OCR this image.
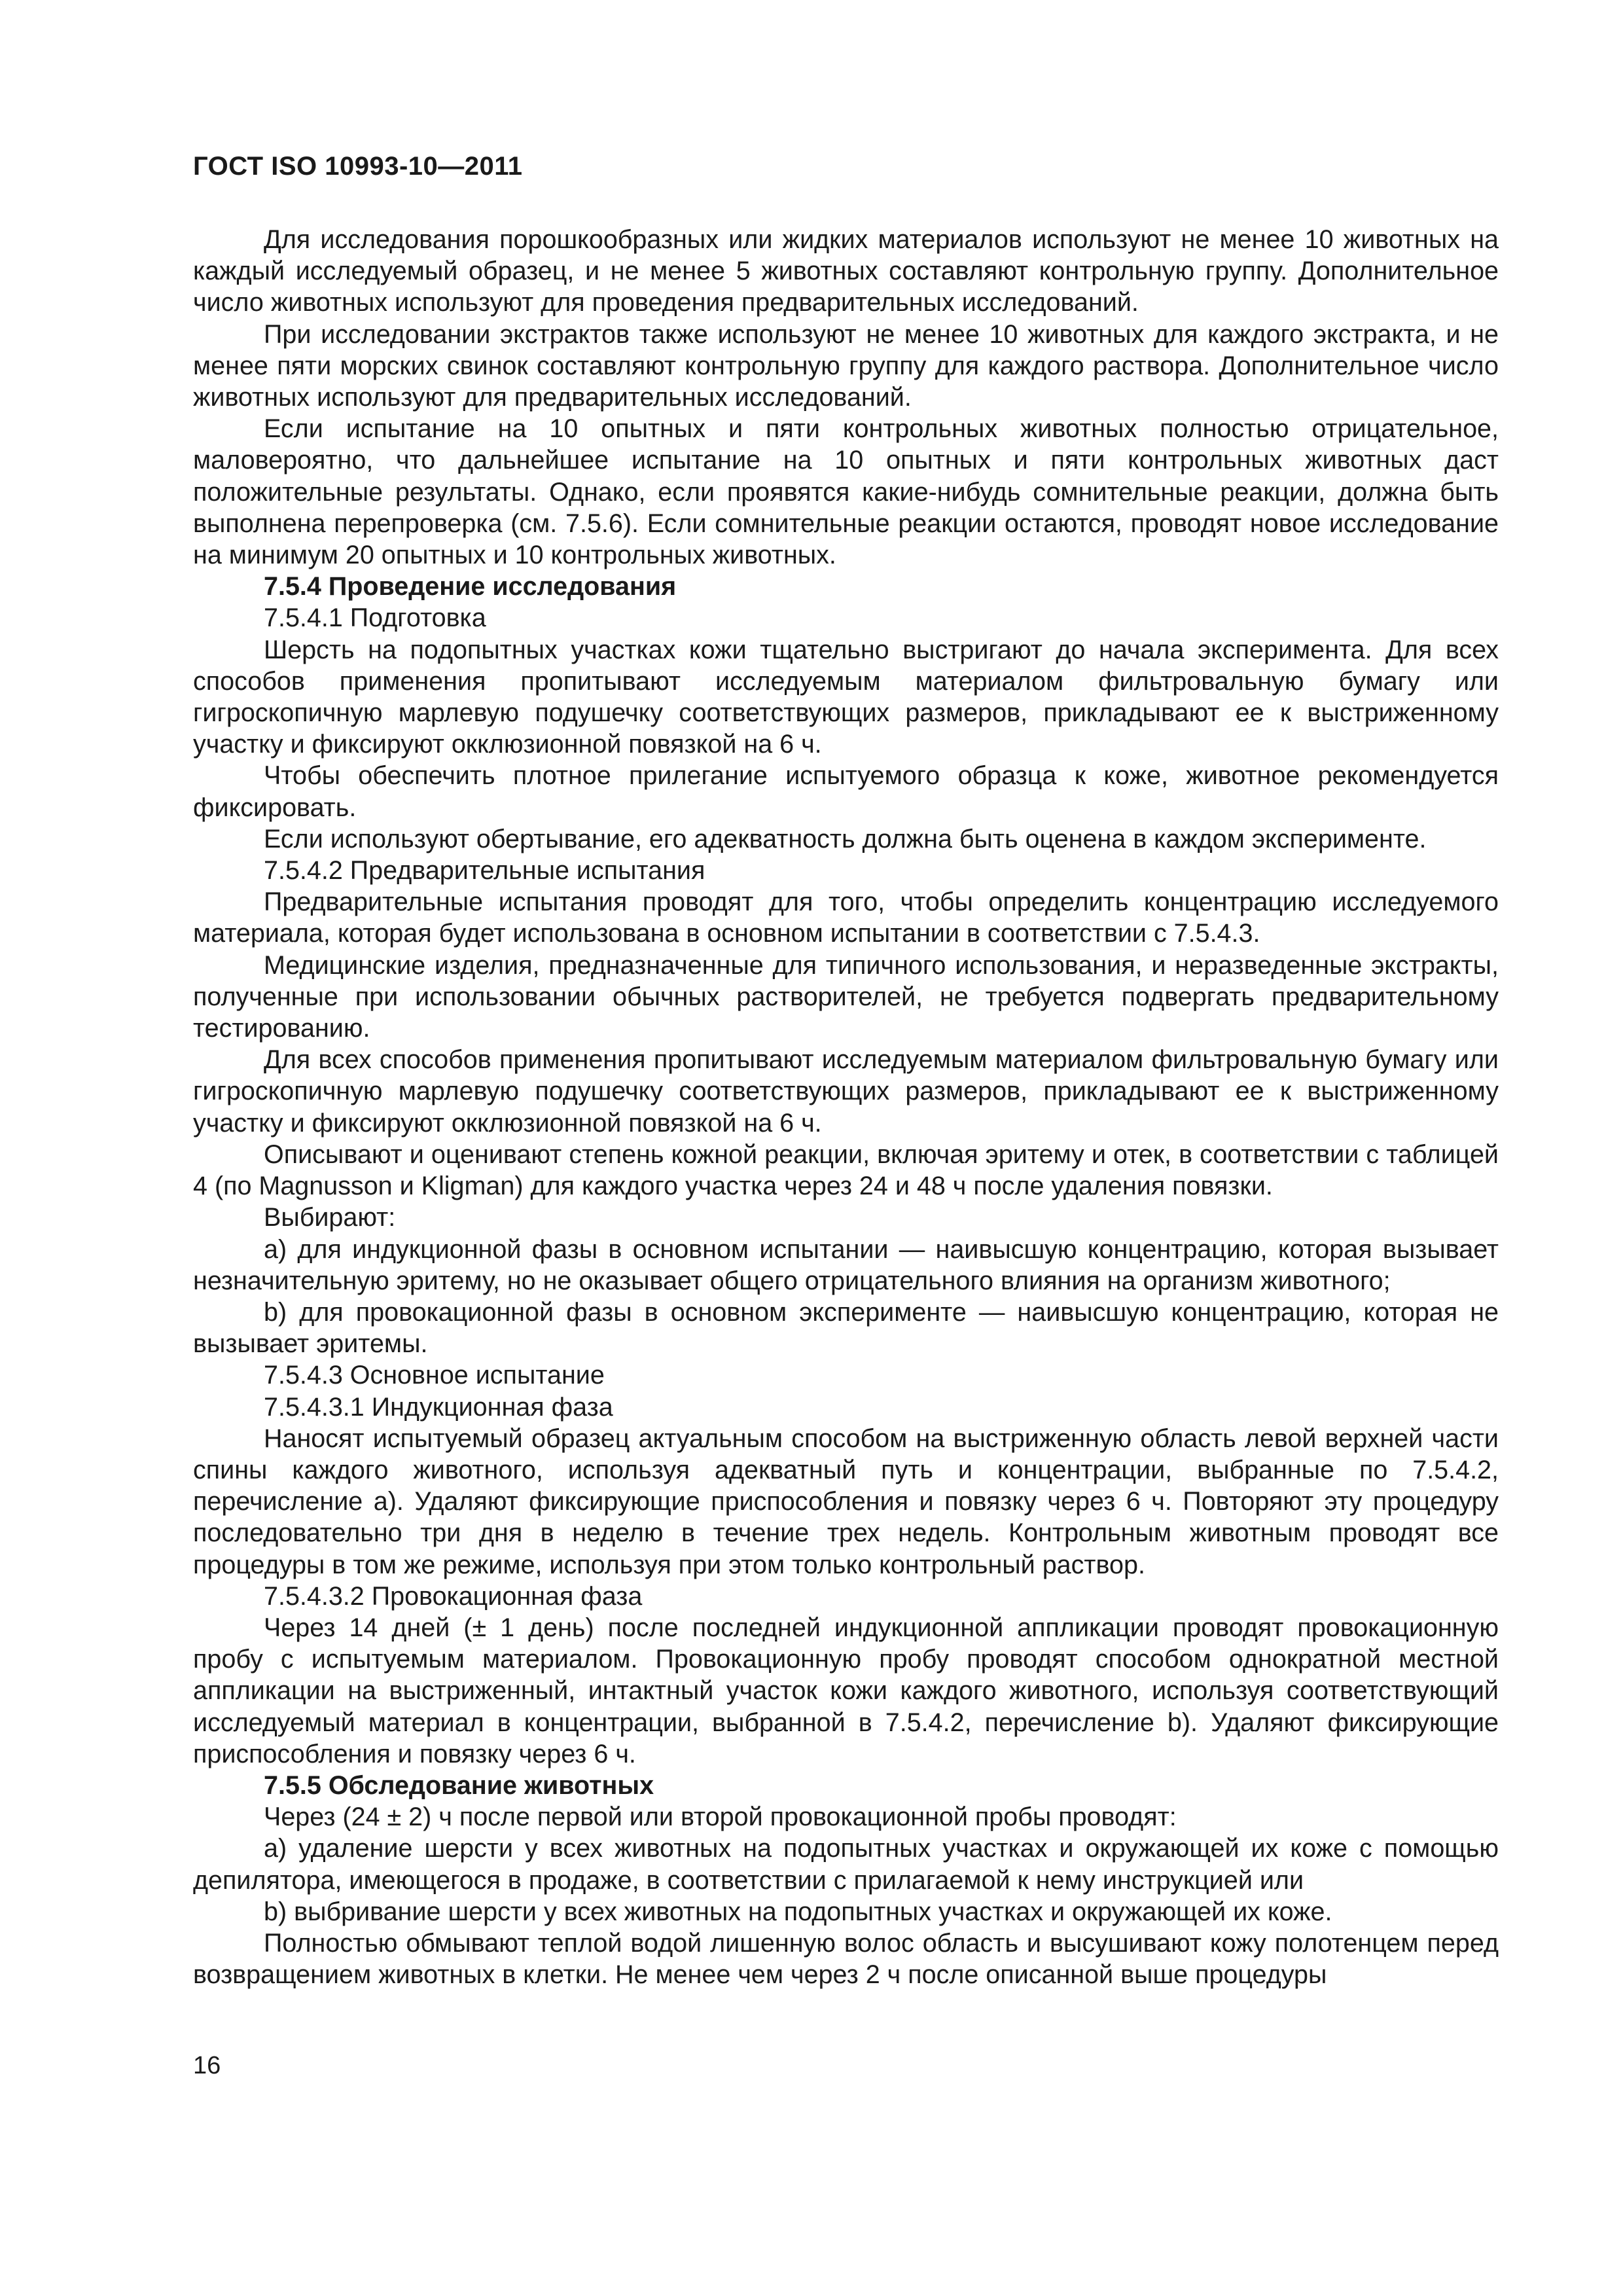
ГОСТ ISO 10993-10—2011

Для исследования порошкообразных или жидких материалов используют не менее 10 животных на каждый исследуемый образец, и не менее 5 животных составляют контрольную группу. Дополнительное число животных используют для проведения предварительных исследований.

При исследовании экстрактов также используют не менее 10 животных для каждого экстракта, и не менее пяти морских свинок составляют контрольную группу для каждого раствора. Дополнительное число животных используют для предварительных исследований.

Если испытание на 10 опытных и пяти контрольных животных полностью отрицательное, маловероятно, что дальнейшее испытание на 10 опытных и пяти контрольных животных даст положительные результаты. Однако, если проявятся какие-нибудь сомнительные реакции, должна быть выполнена перепроверка (см. 7.5.6). Если сомнительные реакции остаются, проводят новое исследование на минимум 20 опытных и 10 контрольных животных.

7.5.4 Проведение исследования

7.5.4.1 Подготовка

Шерсть на подопытных участках кожи тщательно выстригают до начала эксперимента. Для всех способов применения пропитывают исследуемым материалом фильтровальную бумагу или гигроскопичную марлевую подушечку соответствующих размеров, прикладывают ее к выстриженному участку и фиксируют окклюзионной повязкой на 6 ч.

Чтобы обеспечить плотное прилегание испытуемого образца к коже, животное рекомендуется фиксировать.

Если используют обертывание, его адекватность должна быть оценена в каждом эксперименте.

7.5.4.2 Предварительные испытания

Предварительные испытания проводят для того, чтобы определить концентрацию исследуемого материала, которая будет использована в основном испытании в соответствии с 7.5.4.3.

Медицинские изделия, предназначенные для типичного использования, и неразведенные экстракты, полученные при использовании обычных растворителей, не требуется подвергать предварительному тестированию.

Для всех способов применения пропитывают исследуемым материалом фильтровальную бумагу или гигроскопичную марлевую подушечку соответствующих размеров, прикладывают ее к выстриженному участку и фиксируют окклюзионной повязкой на 6 ч.

Описывают и оценивают степень кожной реакции, включая эритему и отек, в соответствии с таблицей 4 (по Magnusson и Kligman) для каждого участка через 24 и 48 ч после удаления повязки.

Выбирают:

a) для индукционной фазы в основном испытании — наивысшую концентрацию, которая вызывает незначительную эритему, но не оказывает общего отрицательного влияния на организм животного;

b) для провокационной фазы в основном эксперименте — наивысшую концентрацию, которая не вызывает эритемы.

7.5.4.3 Основное испытание

7.5.4.3.1 Индукционная фаза

Наносят испытуемый образец актуальным способом на выстриженную область левой верхней части спины каждого животного, используя адекватный путь и концентрации, выбранные по 7.5.4.2, перечисление а). Удаляют фиксирующие приспособления и повязку через 6 ч. Повторяют эту процедуру последовательно три дня в неделю в течение трех недель. Контрольным животным проводят все процедуры в том же режиме, используя при этом только контрольный раствор.

7.5.4.3.2 Провокационная фаза

Через 14 дней (± 1 день) после последней индукционной аппликации проводят провокационную пробу с испытуемым материалом. Провокационную пробу проводят способом однократной местной аппликации на выстриженный, интактный участок кожи каждого животного, используя соответствующий исследуемый материал в концентрации, выбранной в 7.5.4.2, перечисление b). Удаляют фиксирующие приспособления и повязку через 6 ч.

7.5.5 Обследование животных

Через (24 ± 2) ч после первой или второй провокационной пробы проводят:

a) удаление шерсти у всех животных на подопытных участках и окружающей их коже с помощью депилятора, имеющегося в продаже, в соответствии с прилагаемой к нему инструкцией или

b) выбривание шерсти у всех животных на подопытных участках и окружающей их коже.

Полностью обмывают теплой водой лишенную волос область и высушивают кожу полотенцем перед возвращением животных в клетки. Не менее чем через 2 ч после описанной выше процедуры

16
